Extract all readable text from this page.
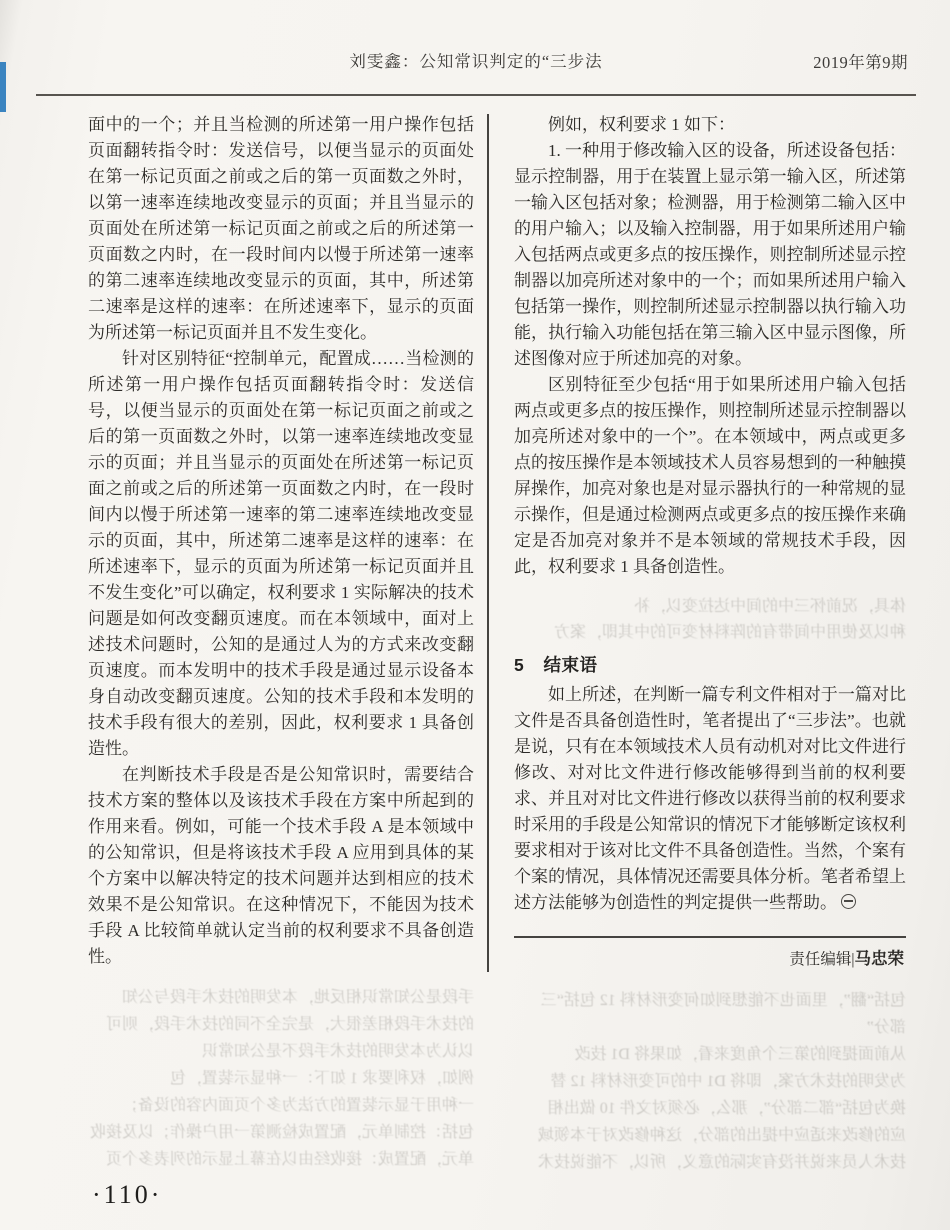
刘雯鑫：公知常识判定的“三步法	2019年第9期

面中的一个；并且当检测的所述第一用户操作包括页面翻转指令时：发送信号，以便当显示的页面处在第一标记页面之前或之后的第一页面数之外时，以第一速率连续地改变显示的页面；并且当显示的页面处在所述第一标记页面之前或之后的所述第一页面数之内时，在一段时间内以慢于所述第一速率的第二速率连续地改变显示的页面，其中，所述第二速率是这样的速率：在所述速率下，显示的页面为所述第一标记页面并且不发生变化。

针对区别特征“控制单元，配置成……当检测的所述第一用户操作包括页面翻转指令时：发送信号，以便当显示的页面处在第一标记页面之前或之后的第一页面数之外时，以第一速率连续地改变显示的页面；并且当显示的页面处在所述第一标记页面之前或之后的所述第一页面数之内时，在一段时间内以慢于所述第一速率的第二速率连续地改变显示的页面，其中，所述第二速率是这样的速率：在所述速率下，显示的页面为所述第一标记页面并且不发生变化”可以确定，权利要求 1 实际解决的技术问题是如何改变翻页速度。而在本领域中，面对上述技术问题时，公知的是通过人为的方式来改变翻页速度。而本发明中的技术手段是通过显示设备本身自动改变翻页速度。公知的技术手段和本发明的技术手段有很大的差别，因此，权利要求 1 具备创造性。

在判断技术手段是否是公知常识时，需要结合技术方案的整体以及该技术手段在方案中所起到的作用来看。例如，可能一个技术手段 A 是本领域中的公知常识，但是将该技术手段 A 应用到具体的某个方案中以解决特定的技术问题并达到相应的技术效果不是公知常识。在这种情况下，不能因为技术手段 A 比较简单就认定当前的权利要求不具备创造性。

手段是公知常识相反地，本发明的技术手段与公知
的技术手段相差很大，是完全不同的技术手段，则可
以认为本发明的技术手段不是公知常识
例如，权利要求 1 如下：一种显示装置，包
一种用于显示装置的方法为多个页面内容的设备；
包括：控制单元，配置成检测第一用户操作；以及接收
单元，配置成：接收经由以在幕上显示的列表多个页

例如，权利要求 1 如下：

1. 一种用于修改输入区的设备，所述设备包括：显示控制器，用于在装置上显示第一输入区，所述第一输入区包括对象；检测器，用于检测第二输入区中的用户输入；以及输入控制器，用于如果所述用户输入包括两点或更多点的按压操作，则控制所述显示控制器以加亮所述对象中的一个；而如果所述用户输入包括第一操作，则控制所述显示控制器以执行输入功能，执行输入功能包括在第三输入区中显示图像，所述图像对应于所述加亮的对象。

区别特征至少包括“用于如果所述用户输入包括两点或更多点的按压操作，则控制所述显示控制器以加亮所述对象中的一个”。在本领域中，两点或更多点的按压操作是本领域技术人员容易想到的一种触摸屏操作，加亮对象也是对显示器执行的一种常规的显示操作，但是通过检测两点或更多点的按压操作来确定是否加亮对象并不是本领域的常规技术手段，因此，权利要求 1 具备创造性。

体具，况前怀三中的间中达拉变以，补
种以及使用中间带有的阵料材变可的中其即，案方
5 结束语

如上所述，在判断一篇专利文件相对于一篇对比文件是否具备创造性时，笔者提出了“三步法”。也就是说，只有在本领域技术人员有动机对对比文件进行修改、对对比文件进行修改能够得到当前的权利要求、并且对对比文件进行修改以获得当前的权利要求时采用的手段是公知常识的情况下才能够断定该权利要求相对于该对比文件不具备创造性。当然，个案有个案的情况，具体情况还需要具体分析。笔者希望上述方法能够为创造性的判定提供一些帮助。

责任编辑|马忠荣
包括“翻”，里面也不能想到如何变形材料 12 包括“三
部分”
从前面提到的第三个角度来看，如果将 D1 技改
为发明的技术方案，即将 D1 中的可变形材料 12 替
换为包括“部二部分”，那么，必须对文件 10 做出相
应的修改来适应中提出的部分，这种修改对于本领域
技术人员来说并没有实际的意义，所以，不能说技术
·110·
